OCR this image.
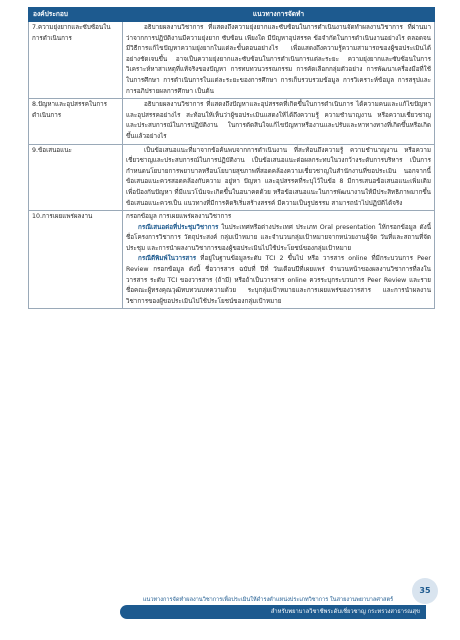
องค์ประกอบ	แนวทางการจัดทำ
7.ความยุ่งยากและซับซ้อนในการดำเนินการ	อธิบายผลงานวิชาการ ที่แสดงถึงความยุ่งยากและซับซ้อนในการดำเนินงานจัดทำผลงานวิชาการ ที่ผ่านมาว่าจากการปฏิบัติงานมีความยุ่งยาก ซับซ้อน เพียงใด มีปัญหาอุปสรรค ข้อจำกัดในการดำเนินงานอย่างไร ตลอดจนมีวิธีการแก้ไขปัญหาความยุ่งยากในแต่ละขั้นตอนอย่างไร เพื่อแสดงถึงความรู้ความสามารถของผู้ขอประเมินได้อย่างชัดเจนขึ้น อาจเป็นความยุ่งยากและซับซ้อนในการดำเนินการแต่ละระยะ ความยุ่งยากและซับซ้อนในการวิเคราะห์หาสาเหตุที่แท้จริงของปัญหา การทบทวนวรรณกรรม การคัดเลือกกลุ่มตัวอย่าง การพัฒนาเครื่องมือที่ใช้ในการศึกษา การดำเนินการในแต่ละระยะของการศึกษา การเก็บรวบรวมข้อมูล การวิเคราะห์ข้อมูล การสรุปและการอภิปรายผลการศึกษา เป็นต้น

8.ปัญหาและอุปสรรคในการดำเนินการ	อธิบายผลงานวิชาการ ที่แสดงถึงปัญหาและอุปสรรคที่เกิดขึ้นในการดำเนินการ ได้ความคนและแก้ไขปัญหาและอุปสรรคอย่างไร สะท้อนให้เห็นว่าผู้ขอประเมินแสดงให้ได้ถึงความรู้ ความชำนาญงาน หรือความเชี่ยวชาญและประสบการณ์ในการปฏิบัติงาน ในการตัดสินใจแก้ไขปัญหาหรืองานและปรับและหาทางทางที่เกิดขึ้นหรือเกิดขึ้นแล้วอย่างไร

9.ข้อเสนอแนะ	เป็นข้อเสนอแนะที่มาจากข้อค้นพบจากการดำเนินงาน ที่สะท้อนถึงความรู้ ความชำนาญงาน หรือความเชี่ยวชาญและประสบการณ์ในการปฏิบัติงาน เป็นข้อเสนอแนะต่อผลกระทบในวงกว้างระดับการบริหาร เป็นการกำหนดนโยบายการพยาบาลหรือนโยบายสุขภาพที่สอดคล้องความเชี่ยวชาญในสำนักงานที่ขอประเมิน นอกจากนี้ข้อเสนอแนะควรสอดคล้องกับความ อยู่หา ปัญหา และอุปสรรคที่ระบุไว้ในข้อ 8 มีการเสนอข้อเสนอแนะเพิ่มเติมเพื่อป้องกันปัญหา ที่มีแนวโน้มจะเกิดขึ้นในอนาคตด้วย หรือข้อเสนอแนะในการพัฒนางานให้มีประสิทธิภาพมากขึ้น ข้อเสนอแนะควรเป็น แนวทางที่มีการคิดริเริ่มสร้างสรรค์ มีความเป็นรูปธรรม สามารถนำไปปฏิบัติได้จริง

10.การเผยแพร่ผลงาน	กรอกข้อมูล การเผยแพร่ผลงานวิชาการ
กรณีเสนอต่อที่ประชุมวิชาการ ในประเทศหรือต่างประเทศ ประเภท Oral presentation ให้กรอกข้อมูล ดังนี้ ชื่อโครงการวิชาการ วัตถุประสงค์ กลุ่มเป้าหมาย และจำนวนกลุ่มเป้าหมายจากหน่วยงานผู้จัด วันที่และสถานที่จัดประชุม และการนำผลงานวิชาการของผู้ขอประเมินไปใช้ประโยชน์ของกลุ่มเป้าหมาย
กรณีตีพิมพ์ในวารสาร ที่อยู่ในฐานข้อมูลระดับ TCI 2 ขึ้นไป หรือ วารสาร online ที่มีกระบวนการ Peer Review กรอกข้อมูล ดังนี้ ชื่อวารสาร ฉบับที่ ปีที่ วันเดือนปีที่เผยแพร่ จำนวนหน้าของผลงานวิชาการที่ลงในวารสาร ระดับ TCI ของวารสาร (ถ้ามี) หรือถ้าเป็นวารสาร online ควรระบุกระบวนการ Peer Review และรายชื่อคณะผู้ทรงคุณวุฒิทบทวนบทความด้วย ระบุกลุ่มเป้าหมายและการเผยแพร่ของวารสาร และการนำผลงานวิชาการของผู้ขอประเมินไปใช้ประโยชน์ของกลุ่มเป้าหมาย
35
แนวทางการจัดทำผลงานวิชาการเพื่อประเมินให้ดำรงตำแหน่งประเภทวิชาการ ในสายงานพยาบาลศาสตร์
สำหรับพยาบาลวิชาชีพระดับเชี่ยวชาญ กระทรวงสาธารณสุข
